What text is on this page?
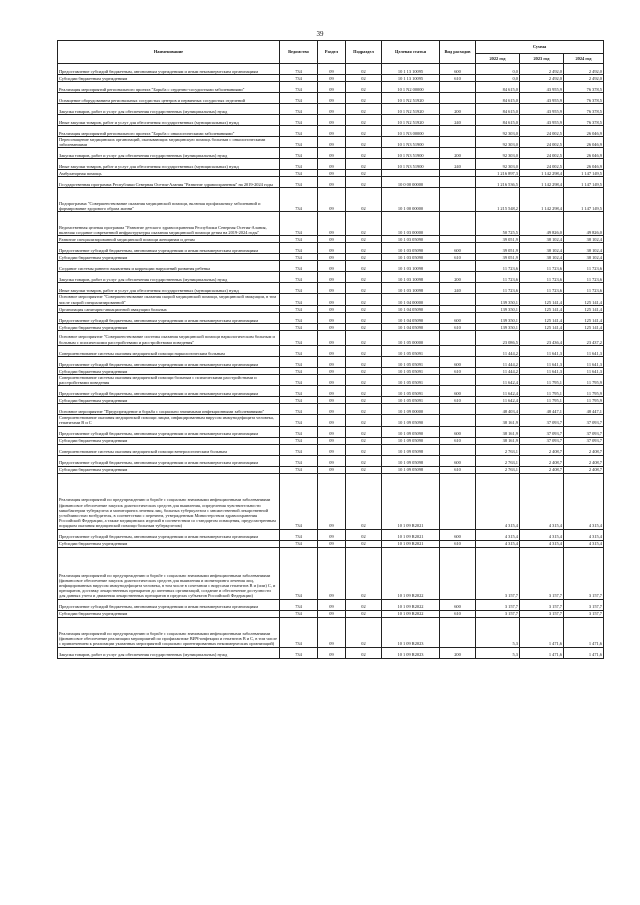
39
Наименование	Ведомство	Раздел	Подраздел	Целевая статья	Вид расходов	Сумма		
						2022 год	2023 год	2024 год
Предоставление субсидий бюджетным, автономным учреждениям и иным некоммерческим организациям	734	09	02	10 1 13 10095	600	0,0	2 492,0	2 492,0
Субсидии бюджетным учреждениям	734	09	02	10 1 13 10095	610	0,0	2 492,0	2 492,0
Реализация мероприятий регионального проекта "Борьба с сердечно-сосудистыми заболеваниями"	734	09	02	10 1 N2 00000		84 615,0	43 955,9	76 378,5
Оснащение оборудованием региональных сосудистых центров и первичных сосудистых отделений	734	09	02	10 1 N2 51920		84 615,0	43 955,9	76 378,5
Закупка товаров, работ и услуг для обеспечения государственных (муниципальных) нужд	734	09	02	10 1 N2 51920	200	84 615,0	43 955,9	76 378,5
Иные закупки товаров, работ и услуг для обеспечения государственных (муниципальных) нужд	734	09	02	10 1 N2 51920	240	84 615,0	43 955,9	76 378,5
Реализация мероприятий регионального проекта "Борьба с онкологическими заболеваниями"	734	09	02	10 1 N3 00000		92 303,0	24 002,5	26 046,9
Переоснащение медицинских организаций, оказывающих медицинскую помощь больным с онкологическими заболеваниями	734	09	02	10 1 N3 51900		92 303,0	24 002,5	26 046,9
Закупка товаров, работ и услуг для обеспечения государственных (муниципальных) нужд	734	09	02	10 1 N3 51900	200	92 303,0	24 002,5	26 046,9
Иные закупки товаров, работ и услуг для обеспечения государственных (муниципальных) нужд	734	09	02	10 1 N3 51900	240	92 303,0	24 002,5	26 046,9
Амбулаторная помощь	734	09	02			1 216 897,3	1 142 298,4	1 147 149,5
Государственная программа Республики Северная Осетия-Алания "Развитие здравоохранения" на 2019-2024 годы	734	09	02	10 0 00 00000		1 216 536,5	1 142 298,4	1 147 149,5
Подпрограмма "Совершенствование оказания медицинской помощи, включая профилактику заболеваний и формирование здорового образа жизни"	734	09	02	10 1 00 00000		1 215 548,2	1 142 298,4	1 147 149,5
Ведомственная целевая программа "Развитие детского здравоохранения Республики Северная Осетия-Алания, включая создание современной инфраструктуры оказания медицинской помощи детям на 2019-2024 годы"	734	09	02	10 1 03 00000		50 725,5	49 826,0	49 826,0
Развитие специализированной медицинской помощи женщинам и детям	734	09	02	10 1 03 05090		39 051,9	38 102,4	38 102,4
Предоставление субсидий бюджетным, автономным учреждениям и иным некоммерческим организациям	734	09	02	10 1 03 05090	600	39 051,9	38 102,4	38 102,4
Субсидии бюджетным учреждениям	734	09	02	10 1 03 05090	610	39 051,9	38 102,4	38 102,4
Создание системы раннего выявления и коррекции нарушений развития ребенка	734	09	02	10 1 03 10098		11 723,6	11 723,6	11 723,6
Закупка товаров, работ и услуг для обеспечения государственных (муниципальных) нужд	734	09	02	10 1 03 10098	200	11 723,6	11 723,6	11 723,6
Иные закупки товаров, работ и услуг для обеспечения государственных (муниципальных) нужд	734	09	02	10 1 03 10098	240	11 723,6	11 723,6	11 723,6
Основное мероприятие "Совершенствование оказания скорой медицинской помощи, медицинской эвакуации, в том числе скорой специализированной"	734	09	02	10 1 04 00000		139 350,1	125 141,4	125 141,4
Организация санитарно-авиационной эвакуации больных	734	09	02	10 1 04 05090		139 350,1	125 141,4	125 141,4
Предоставление субсидий бюджетным, автономным учреждениям и иным некоммерческим организациям	734	09	02	10 1 04 05090	600	139 350,1	125 141,4	125 141,4
Субсидии бюджетным учреждениям	734	09	02	10 1 04 05090	610	139 350,1	125 141,4	125 141,4
Основное мероприятие "Совершенствование системы оказания медицинской помощи наркологическим больным и больным с психическими расстройствами и расстройствами поведения"	734	09	02	10 1 05 00000		23 086,5	23 436,4	23 437,2
Совершенствование системы оказания медицинской помощи наркологическим больным	734	09	02	10 1 05 05091		11 444,2	11 641,3	11 641,3
Предоставление субсидий бюджетным, автономным учреждениям и иным некоммерческим организациям	734	09	02	10 1 05 05091	600	11 444,2	11 641,3	11 641,3
Субсидии бюджетным учреждениям	734	09	02	10 1 05 05091	610	11 444,2	11 641,3	11 641,3
Совершенствование системы оказания медицинской помощи больным с психическими расстройствами и расстройствами поведения	734	09	02	10 1 05 05091		11 642,4	11 795,1	11 795,9
Предоставление субсидий бюджетным, автономным учреждениям и иным некоммерческим организациям	734	09	02	10 1 05 05091	600	11 642,4	11 795,1	11 795,9
Субсидии бюджетным учреждениям	734	09	02	10 1 05 05091	610	11 642,4	11 795,1	11 795,9
Основное мероприятие "Предупреждение и борьба с социально значимыми инфекционными заболеваниями"	734	09	02	10 1 09 00000		48 403,4	48 447,1	48 447,1
Совершенствование оказания медицинской помощи лицам, инфицированным вирусом иммунодефицита человека, гепатитами B и C	734	09	02	10 1 09 05090		38 161,9	37 093,7	37 093,7
Предоставление субсидий бюджетным, автономным учреждениям и иным некоммерческим организациям	734	09	02	10 1 09 05090	600	38 161,9	37 093,7	37 093,7
Субсидии бюджетным учреждениям	734	09	02	10 1 09 05090	610	38 161,9	37 093,7	37 093,7
Совершенствование системы оказания медицинской помощи венерологическим больным	734	09	02	10 1 09 05098		2 763,1	2 408,7	2 408,7
Предоставление субсидий бюджетным, автономным учреждениям и иным некоммерческим организациям	734	09	02	10 1 09 05098	600	2 763,1	2 408,7	2 408,7
Субсидии бюджетным учреждениям	734	09	02	10 1 09 05098	610	2 763,1	2 408,7	2 408,7
Реализация мероприятий по предупреждению и борьбе с социально значимыми инфекционными заболеваниями (финансовое обеспечение закупок диагностических средств для выявления, определения чувствительности микобактерии туберкулеза и мониторинга лечения лиц, больных туберкулезом с множественной лекарственной устойчивостью возбудителя, в соответствии с перечнем, утвержденным Министерством здравоохранения Российской Федерации, а также медицинских изделий в соответствии со стандартом оснащения, предусмотренным порядком оказания медицинской помощи больным туберкулезом)	734	09	02	10 1 09 R2021		4 315,4	4 315,4	4 315,4
Предоставление субсидий бюджетным, автономным учреждениям и иным некоммерческим организациям	734	09	02	10 1 09 R2021	600	4 315,4	4 315,4	4 315,4
Субсидии бюджетным учреждениям	734	09	02	10 1 09 R2021	610	4 315,4	4 315,4	4 315,4
Реализация мероприятий по предупреждению и борьбе с социально значимыми инфекционными заболеваниями (финансовое обеспечение закупок диагностических средств для выявления и мониторинга лечения лиц, инфицированных вирусом иммунодефицита человека, в том числе в сочетании с вирусами гепатитов B и (или) C, и препаратов, доставку лекарственных препаратов до аптечных организаций, создание и обеспечение доступности для данных учета и движения лекарственных препаратов в пределах субъектов Российской Федерации)	734	09	02	10 1 09 R2022		3 157,7	3 157,7	3 157,7
Предоставление субсидий бюджетным, автономным учреждениям и иным некоммерческим организациям	734	09	02	10 1 09 R2022	600	3 157,7	3 157,7	3 157,7
Субсидии бюджетным учреждениям	734	09	02	10 1 09 R2022	610	3 157,7	3 157,7	3 157,7
Реализация мероприятий по предупреждению и борьбе с социально значимыми инфекционными заболеваниями (финансовое обеспечение реализации мероприятий по профилактике ВИЧ-инфекции и гепатитов B и C, в том числе с привлечением к реализации указанных мероприятий социально ориентированных некоммерческих организаций)	734	09	02	10 1 09 R2023		5,3	1 471,6	1 471,6
Закупка товаров, работ и услуг для обеспечения государственных (муниципальных) нужд	734	09	02	10 1 09 R2023	200	5,3	1 471,6	1 471,6
